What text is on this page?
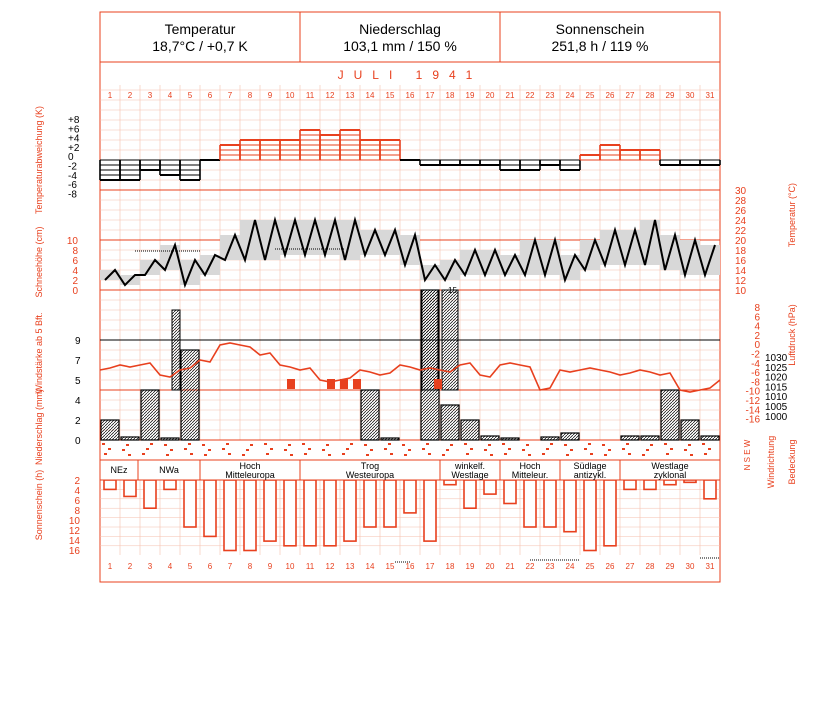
Temperatur
18,7°C / +0,7 K
Niederschlag
103,1 mm / 150 %
Sonnenschein
251,8 h / 119 %
JULI 1941
1 2 3 4 5 6 7 8 9 10 11 12 13 14 15 16 17 18 19 20 21 22 23 24 25 26 27 28 29 30 31
1 2 3 4 5 6 7 8 9 10 11 12 13 14 15 16 17 18 19 20 21 22 23 24 25 26 27 28 29 30 31
+8
+6
+4
+2
0
-2
-4
-6
-8
10
8
6
4
2
0
9
7
5
4
2
0
2
4
6
8
10
12
14
16
30
28
26
24
22
20
18
16
14
12
10
8
6
4
2
0
-2
-4
-6
-8
-10
-12
-14
-16
1030
1025
1020
1015
1010
1005
1000
NEz	NWa	Hoch
Mitteleuropa
Trog
Westeuropa
winkelf.
Westlage
Hoch
Mitteleur.
Südlage
antizykl.
Westlage
zyklonal
Temperaturabweichung (K)
Schneehöhe (cm)
Windstärke ab 5 Bft.
Niederschlag (mm)
Sonnenschein (h)
Temperatur (°C)
Luftdruck (hPa)
Windrichtung Bedeckung
N S E W
15
